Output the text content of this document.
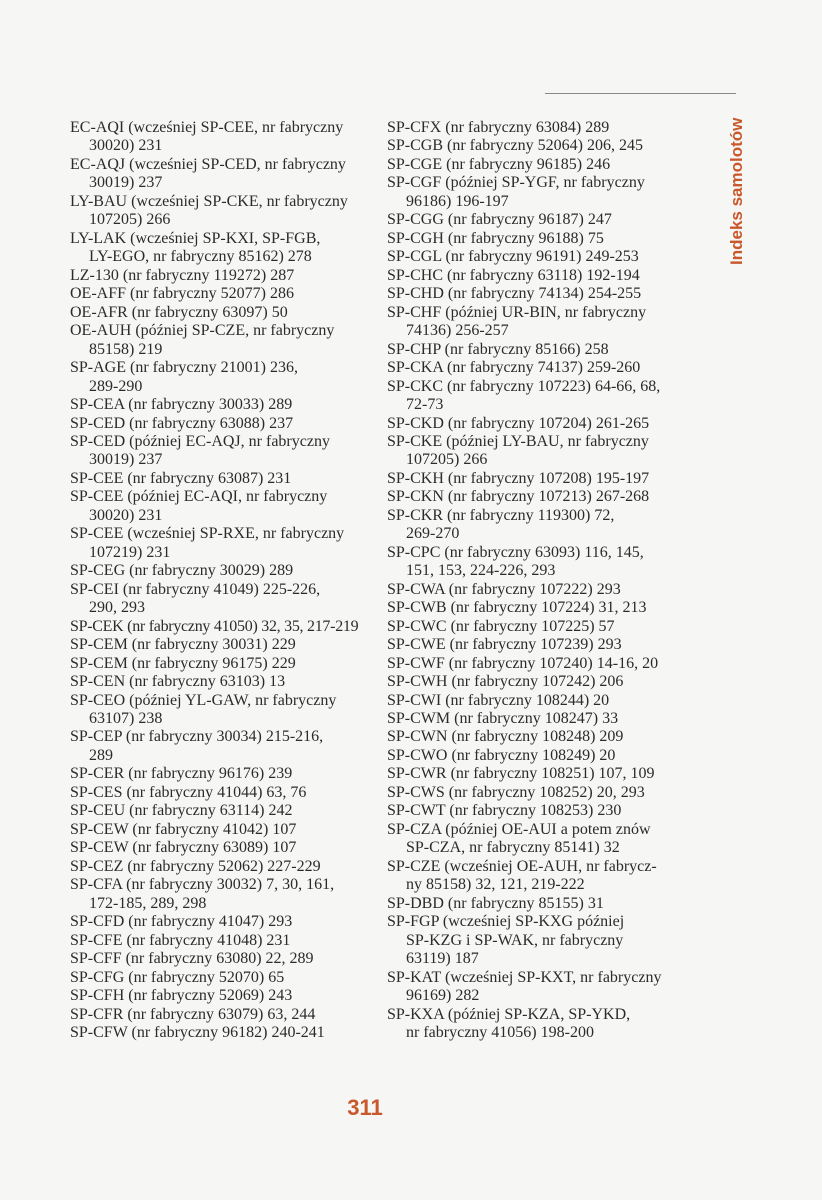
Indeks samolotów
EC-AQI (wcześniej SP-CEE, nr fabryczny
30020) 231
EC-AQJ (wcześniej SP-CED, nr fabryczny
30019) 237
LY-BAU (wcześniej SP-CKE, nr fabryczny
107205) 266
LY-LAK (wcześniej SP-KXI, SP-FGB,
LY-EGO, nr fabryczny 85162) 278
LZ-130 (nr fabryczny 119272) 287
OE-AFF (nr fabryczny 52077) 286
OE-AFR (nr fabryczny 63097) 50
OE-AUH (później SP-CZE, nr fabryczny
85158) 219
SP-AGE (nr fabryczny 21001) 236,
289-290
SP-CEA (nr fabryczny 30033) 289
SP-CED (nr fabryczny 63088) 237
SP-CED (później EC-AQJ, nr fabryczny
30019) 237
SP-CEE (nr fabryczny 63087) 231
SP-CEE (później EC-AQI, nr fabryczny
30020) 231
SP-CEE (wcześniej SP-RXE, nr fabryczny
107219) 231
SP-CEG (nr fabryczny 30029) 289
SP-CEI (nr fabryczny 41049) 225-226,
290, 293
SP-CEK (nr fabryczny 41050) 32, 35, 217-219
SP-CEM (nr fabryczny 30031) 229
SP-CEM (nr fabryczny 96175) 229
SP-CEN (nr fabryczny 63103) 13
SP-CEO (później YL-GAW, nr fabryczny
63107) 238
SP-CEP (nr fabryczny 30034) 215-216,
289
SP-CER (nr fabryczny 96176) 239
SP-CES (nr fabryczny 41044) 63, 76
SP-CEU (nr fabryczny 63114) 242
SP-CEW (nr fabryczny 41042) 107
SP-CEW (nr fabryczny 63089) 107
SP-CEZ (nr fabryczny 52062) 227-229
SP-CFA (nr fabryczny 30032) 7, 30, 161,
172-185, 289, 298
SP-CFD (nr fabryczny 41047) 293
SP-CFE (nr fabryczny 41048) 231
SP-CFF (nr fabryczny 63080) 22, 289
SP-CFG (nr fabryczny 52070) 65
SP-CFH (nr fabryczny 52069) 243
SP-CFR (nr fabryczny 63079) 63, 244
SP-CFW (nr fabryczny 96182) 240-241
SP-CFX (nr fabryczny 63084) 289
SP-CGB (nr fabryczny 52064) 206, 245
SP-CGE (nr fabryczny 96185) 246
SP-CGF (później SP-YGF, nr fabryczny
96186) 196-197
SP-CGG (nr fabryczny 96187) 247
SP-CGH (nr fabryczny 96188) 75
SP-CGL (nr fabryczny 96191) 249-253
SP-CHC (nr fabryczny 63118) 192-194
SP-CHD (nr fabryczny 74134) 254-255
SP-CHF (później UR-BIN, nr fabryczny
74136) 256-257
SP-CHP (nr fabryczny 85166) 258
SP-CKA (nr fabryczny 74137) 259-260
SP-CKC (nr fabryczny 107223) 64-66, 68,
72-73
SP-CKD (nr fabryczny 107204) 261-265
SP-CKE (później LY-BAU, nr fabryczny
107205) 266
SP-CKH (nr fabryczny 107208) 195-197
SP-CKN (nr fabryczny 107213) 267-268
SP-CKR (nr fabryczny 119300) 72,
269-270
SP-CPC (nr fabryczny 63093) 116, 145,
151, 153, 224-226, 293
SP-CWA (nr fabryczny 107222) 293
SP-CWB (nr fabryczny 107224) 31, 213
SP-CWC (nr fabryczny 107225) 57
SP-CWE (nr fabryczny 107239) 293
SP-CWF (nr fabryczny 107240) 14-16, 20
SP-CWH (nr fabryczny 107242) 206
SP-CWI (nr fabryczny 108244) 20
SP-CWM (nr fabryczny 108247) 33
SP-CWN (nr fabryczny 108248) 209
SP-CWO (nr fabryczny 108249) 20
SP-CWR (nr fabryczny 108251) 107, 109
SP-CWS (nr fabryczny 108252) 20, 293
SP-CWT (nr fabryczny 108253) 230
SP-CZA (później OE-AUI a potem znów
SP-CZA, nr fabryczny 85141) 32
SP-CZE (wcześniej OE-AUH, nr fabrycz-
ny 85158) 32, 121, 219-222
SP-DBD (nr fabryczny 85155) 31
SP-FGP (wcześniej SP-KXG później
SP-KZG i SP-WAK, nr fabryczny
63119) 187
SP-KAT (wcześniej SP-KXT, nr fabryczny
96169) 282
SP-KXA (później SP-KZA, SP-YKD,
nr fabryczny 41056) 198-200
311
